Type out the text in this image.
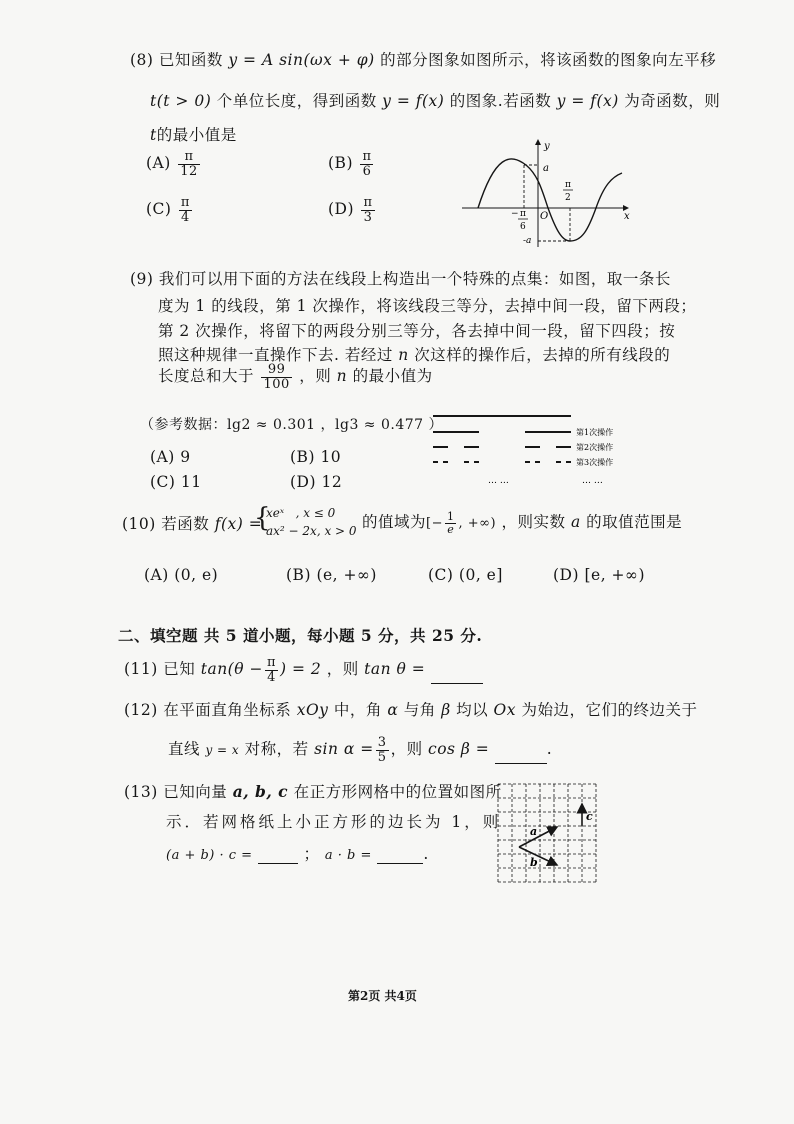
(8) 已知函数 y = A sin(ωx + φ) 的部分图象如图所示，将该函数的图象向左平移
t(t > 0) 个单位长度，得到函数 y = f(x) 的图象.若函数 y = f(x) 为奇函数，则
t的最小值是
$(A) \frac{\pi}{12}$	$(B) \frac{\pi}{6}$
$(C) \frac{\pi}{4}$	$(D) \frac{\pi}{3}$
y
x
a
-a
O
− π
6
π
2
(9) 我们可以用下面的方法在线段上构造出一个特殊的点集：如图，取一条长
度为 1 的线段，第 1 次操作，将该线段三等分，去掉中间一段，留下两段；
第 2 次操作，将留下的两段分别三等分，各去掉中间一段，留下四段；按
照这种规律一直操作下去. 若经过 n 次这样的操作后，去掉的所有线段的
长度总和大于 $\frac{99}{100}$ ，则 n 的最小值为
（参考数据：lg2 ≈ 0.301 ，lg3 ≈ 0.477 ）
(A) 9	(B) 10
(C) 11	(D) 12
第1次操作
第2次操作
第3次操作
… …	… …
(10) 若函数 f(x) =
{
xeˣ , x ≤ 0
ax² − 2x, x > 0 的值域为[− $\frac{1}{e}$ , +∞) ，则实数 a 的取值范围是
(A) (0, e)	(B) (e, +∞)	(C) (0, e]	(D) [e, +∞)
二、填空题 共 5 道小题，每小题 5 分，共 25 分.
(11) 已知 $\tan(\theta - \frac{\pi}{4}$ ) = 2 ，则 tan θ =
(12) 在平面直角坐标系 xOy 中，角 α 与角 β 均以 Ox 为始边，它们的终边关于
直线 y = x 对称，若 $\sin \alpha = \frac{3}{5}$ ，则 cos β =	.
(13) 已知向量 a, b, c 在正方形网格中的位置如图所
示．若网格纸上小正方形的边长为 1，则
(a + b) · c =	； a · b =	.
a
b
c
第2页 共4页
